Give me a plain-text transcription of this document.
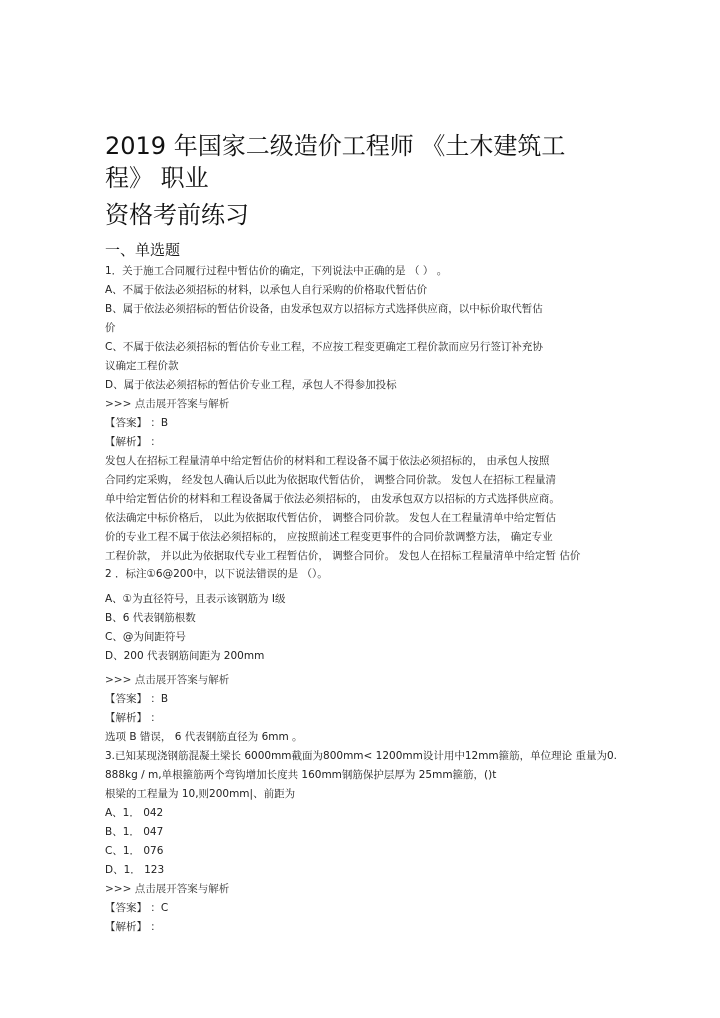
2019 年国家二级造价工程师 《土木建筑工
程》 职业
资格考前练习
一、单选题
1．关于施工合同履行过程中暂估价的确定，下列说法中正确的是 （ ） 。
A、不属于依法必须招标的材料，以承包人自行采购的价格取代暂估价
B、属于依法必须招标的暂估价设备，由发承包双方以招标方式选择供应商，以中标价取代暂估
价
C、不属于依法必须招标的暂估价专业工程，不应按工程变更确定工程价款而应另行签订补充协
议确定工程价款
D、属于依法必须招标的暂估价专业工程，承包人不得参加投标
>>> 点击展开答案与解析
【答案】 ：B
【解析】 ：
发包人在招标工程量清单中给定暂估价的材料和工程设备不属于依法必须招标的， 由承包人按照
合同约定采购， 经发包人确认后以此为依据取代暂估价， 调整合同价款。 发包人在招标工程量清
单中给定暂估价的材料和工程设备属于依法必须招标的， 由发承包双方以招标的方式选择供应商。
依法确定中标价格后， 以此为依据取代暂估价， 调整合同价款。 发包人在工程量清单中给定暂估
价的专业工程不属于依法必须招标的， 应按照前述工程变更事件的合同价款调整方法， 确定专业
工程价款， 并以此为依据取代专业工程暂估价， 调整合同价。 发包人在招标工程量清单中给定暂 估价
2 ．标注①6@200中，以下说法错误的是 （）。
A、①为直径符号，且表示该钢筋为 Ⅰ级
B、6 代表钢筋根数
C、@为间距符号
D、200 代表钢筋间距为 200mm
>>> 点击展开答案与解析
【答案】 ：B
【解析】 ：
选项 B 错误， 6 代表钢筋直径为 6mm 。
3.已知某现浇钢筋混凝土梁长 6000mm截面为800mm< 1200mm设计用中12mm箍筋，单位理论 重量为0.
888kg / m,单根箍筋两个弯钩增加长度共 160mm钢筋保护层厚为 25mm箍筋，()t
根梁的工程量为 10,则200mm|、前距为
A、1． 042
B、1． 047
C、1． 076
D、1． 123
>>> 点击展开答案与解析
【答案】 ：C
【解析】 ：
